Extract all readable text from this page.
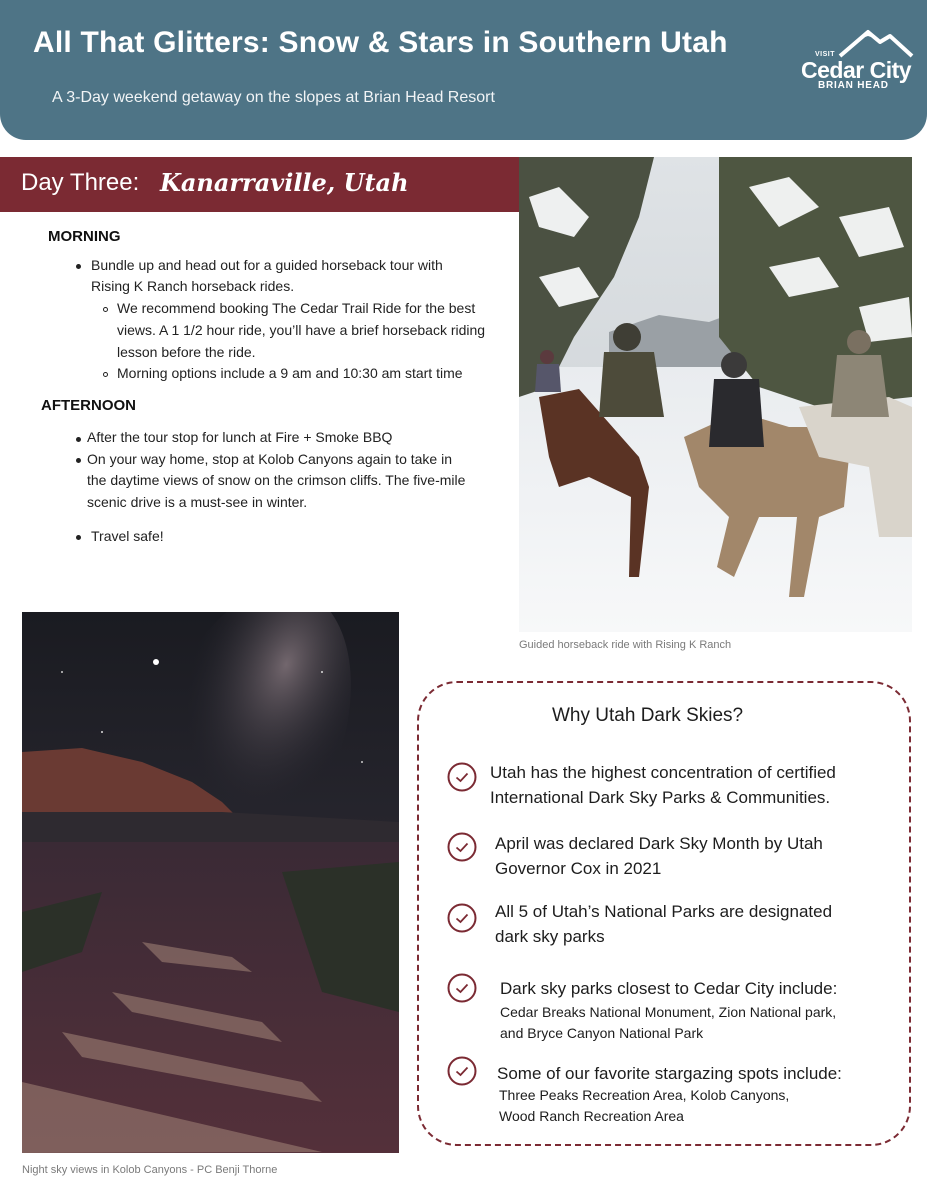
All That Glitters: Snow & Stars in Southern Utah
A 3-Day weekend getaway on the slopes at Brian Head Resort
VISIT
Cedar City
BRIAN HEAD
Day Three: Kanarraville, Utah
MORNING
Bundle up and head out for a guided horseback tour with
Rising K Ranch horseback rides.
We recommend booking The Cedar Trail Ride for the best
views. A 1 1/2 hour ride, you’ll have a brief horseback riding
lesson before the ride.
Morning options include a 9 am and 10:30 am start time
AFTERNOON
After the tour stop for lunch at Fire + Smoke BBQ
On your way home, stop at Kolob Canyons again to take in
the daytime views of snow on the crimson cliffs. The five-mile
scenic drive is a must-see in winter.
Travel safe!
Guided horseback ride with Rising K Ranch
Night sky views in Kolob Canyons - PC Benji Thorne
Why Utah Dark Skies?
Utah has the highest concentration of certified
International Dark Sky Parks & Communities.
April was declared Dark Sky Month by Utah
Governor Cox in 2021
All 5 of Utah’s National Parks are designated
dark sky parks
Dark sky parks closest to Cedar City include:
Cedar Breaks National Monument, Zion National park,
and Bryce Canyon National Park
Some of our favorite stargazing spots include:
Three Peaks Recreation Area, Kolob Canyons,
Wood Ranch Recreation Area
